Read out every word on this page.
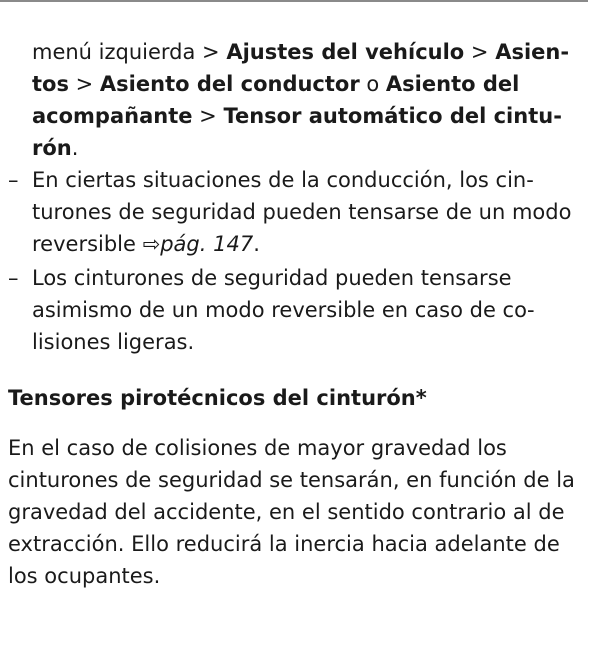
menú izquierda > Ajustes del vehículo > Asientos > Asiento del conductor o Asiento del acompañante > Tensor automático del cinturón.

– En ciertas situaciones de la conducción, los cinturones de seguridad pueden tensarse de un modo reversible ⇨pág. 147.
– Los cinturones de seguridad pueden tensarse asimismo de un modo reversible en caso de colisiones ligeras.
Tensores pirotécnicos del cinturón*

En el caso de colisiones de mayor gravedad los cinturones de seguridad se tensarán, en función de la gravedad del accidente, en el sentido contrario al de extracción. Ello reducirá la inercia hacia adelante de los ocupantes.
